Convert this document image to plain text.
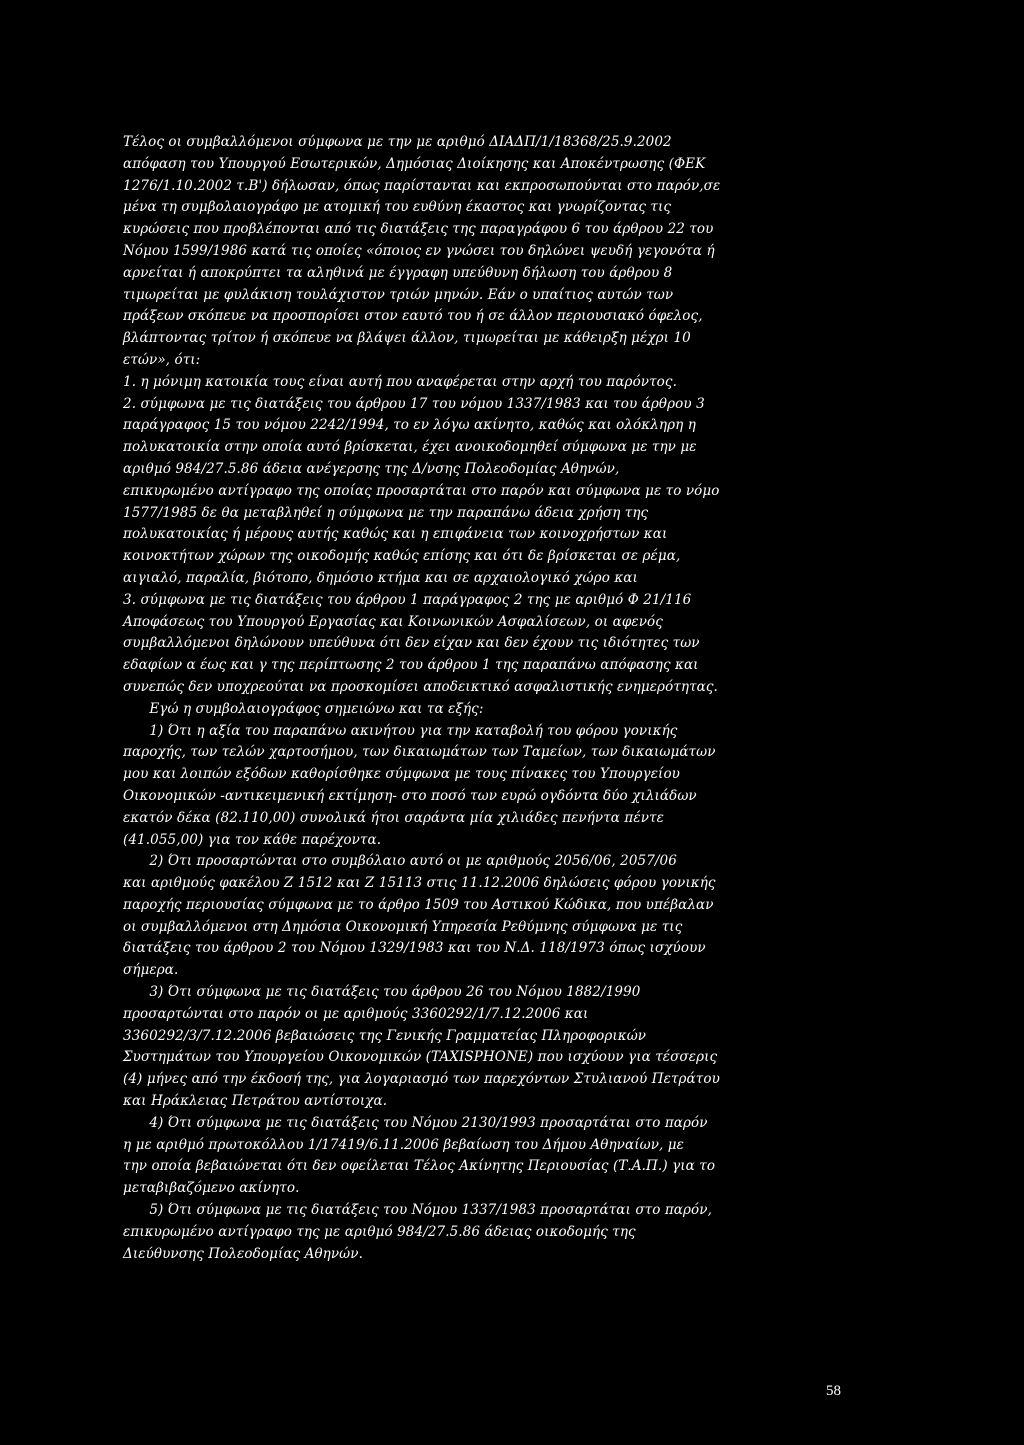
Τέλος οι συμβαλλόμενοι σύμφωνα με την με αριθμό ΔΙΑΔΠ/1/18368/25.9.2002
απόφαση του Υπουργού Εσωτερικών, Δημόσιας Διοίκησης και Αποκέντρωσης (ΦΕΚ
1276/1.10.2002 τ.Β') δήλωσαν, όπως παρίστανται και εκπροσωπούνται στο παρόν,σε
μένα τη συμβολαιογράφο με ατομική του ευθύνη έκαστος και γνωρίζοντας τις
κυρώσεις που προβλέπονται από τις διατάξεις της παραγράφου 6 του άρθρου 22 του
Νόμου 1599/1986 κατά τις οποίες «όποιος εν γνώσει του δηλώνει ψευδή γεγονότα ή
αρνείται ή αποκρύπτει τα αληθινά με έγγραφη υπεύθυνη δήλωση του άρθρου 8
τιμωρείται με φυλάκιση τουλάχιστον τριών μηνών. Εάν ο υπαίτιος αυτών των
πράξεων σκόπευε να προσπορίσει στον εαυτό του ή σε άλλον περιουσιακό όφελος,
βλάπτοντας τρίτον ή σκόπευε να βλάψει άλλον, τιμωρείται με κάθειρξη μέχρι 10
ετών», ότι:
1. η μόνιμη κατοικία τους είναι αυτή που αναφέρεται στην αρχή του παρόντος.
2. σύμφωνα με τις διατάξεις του άρθρου 17 του νόμου 1337/1983 και του άρθρου 3
παράγραφος 15 του νόμου 2242/1994, το εν λόγω ακίνητο, καθώς και ολόκληρη η
πολυκατοικία στην οποία αυτό βρίσκεται, έχει ανοικοδομηθεί σύμφωνα με την με
αριθμό 984/27.5.86 άδεια ανέγερσης της Δ/νσης Πολεοδομίας Αθηνών,
επικυρωμένο αντίγραφο της οποίας προσαρτάται στο παρόν και σύμφωνα με το νόμο
1577/1985 δε θα μεταβληθεί η σύμφωνα με την παραπάνω άδεια χρήση της
πολυκατοικίας ή μέρους αυτής καθώς και η επιφάνεια των κοινοχρήστων και
κοινοκτήτων χώρων της οικοδομής καθώς επίσης και ότι δε βρίσκεται σε ρέμα,
αιγιαλό, παραλία, βιότοπο, δημόσιο κτήμα και σε αρχαιολογικό χώρο και
3. σύμφωνα με τις διατάξεις του άρθρου 1 παράγραφος 2 της με αριθμό Φ 21/116
Αποφάσεως του Υπουργού Εργασίας και Κοινωνικών Ασφαλίσεων, οι αφενός
συμβαλλόμενοι δηλώνουν υπεύθυνα ότι δεν είχαν και δεν έχουν τις ιδιότητες των
εδαφίων α έως και γ της περίπτωσης 2 του άρθρου 1 της παραπάνω απόφασης και
συνεπώς δεν υποχρεούται να προσκομίσει αποδεικτικό ασφαλιστικής ενημερότητας.
Εγώ η συμβολαιογράφος σημειώνω και τα εξής:
1) Ότι η αξία του παραπάνω ακινήτου για την καταβολή του φόρου γονικής
παροχής, των τελών χαρτοσήμου, των δικαιωμάτων των Ταμείων, των δικαιωμάτων
μου και λοιπών εξόδων καθορίσθηκε σύμφωνα με τους πίνακες του Υπουργείου
Οικονομικών -αντικειμενική εκτίμηση- στο ποσό των ευρώ ογδόντα δύο χιλιάδων
εκατόν δέκα (82.110,00) συνολικά ήτοι σαράντα μία χιλιάδες πενήντα πέντε
(41.055,00) για τον κάθε παρέχοντα.
2) Ότι προσαρτώνται στο συμβόλαιο αυτό οι με αριθμούς 2056/06, 2057/06
και αριθμούς φακέλου Ζ 1512 και Ζ 15113 στις 11.12.2006 δηλώσεις φόρου γονικής
παροχής περιουσίας σύμφωνα με το άρθρο 1509 του Αστικού Κώδικα, που υπέβαλαν
οι συμβαλλόμενοι στη Δημόσια Οικονομική Υπηρεσία Ρεθύμνης σύμφωνα με τις
διατάξεις του άρθρου 2 του Νόμου 1329/1983 και του Ν.Δ. 118/1973 όπως ισχύουν
σήμερα.
3) Ότι σύμφωνα με τις διατάξεις του άρθρου 26 του Νόμου 1882/1990
προσαρτώνται στο παρόν οι με αριθμούς 3360292/1/7.12.2006 και
3360292/3/7.12.2006 βεβαιώσεις της Γενικής Γραμματείας Πληροφορικών
Συστημάτων του Υπουργείου Οικονομικών (TAXISPHONE) που ισχύουν για τέσσερις
(4) μήνες από την έκδοσή της, για λογαριασμό των παρεχόντων Στυλιανού Πετράτου
και Ηράκλειας Πετράτου αντίστοιχα.
4) Ότι σύμφωνα με τις διατάξεις του Νόμου 2130/1993 προσαρτάται στο παρόν
η με αριθμό πρωτοκόλλου 1/17419/6.11.2006 βεβαίωση του Δήμου Αθηναίων, με
την οποία βεβαιώνεται ότι δεν οφείλεται Τέλος Ακίνητης Περιουσίας (Τ.Α.Π.) για το
μεταβιβαζόμενο ακίνητο.
5) Ότι σύμφωνα με τις διατάξεις του Νόμου 1337/1983 προσαρτάται στο παρόν,
επικυρωμένο αντίγραφο της με αριθμό 984/27.5.86 άδειας οικοδομής της
Διεύθυνσης Πολεοδομίας Αθηνών.
58
